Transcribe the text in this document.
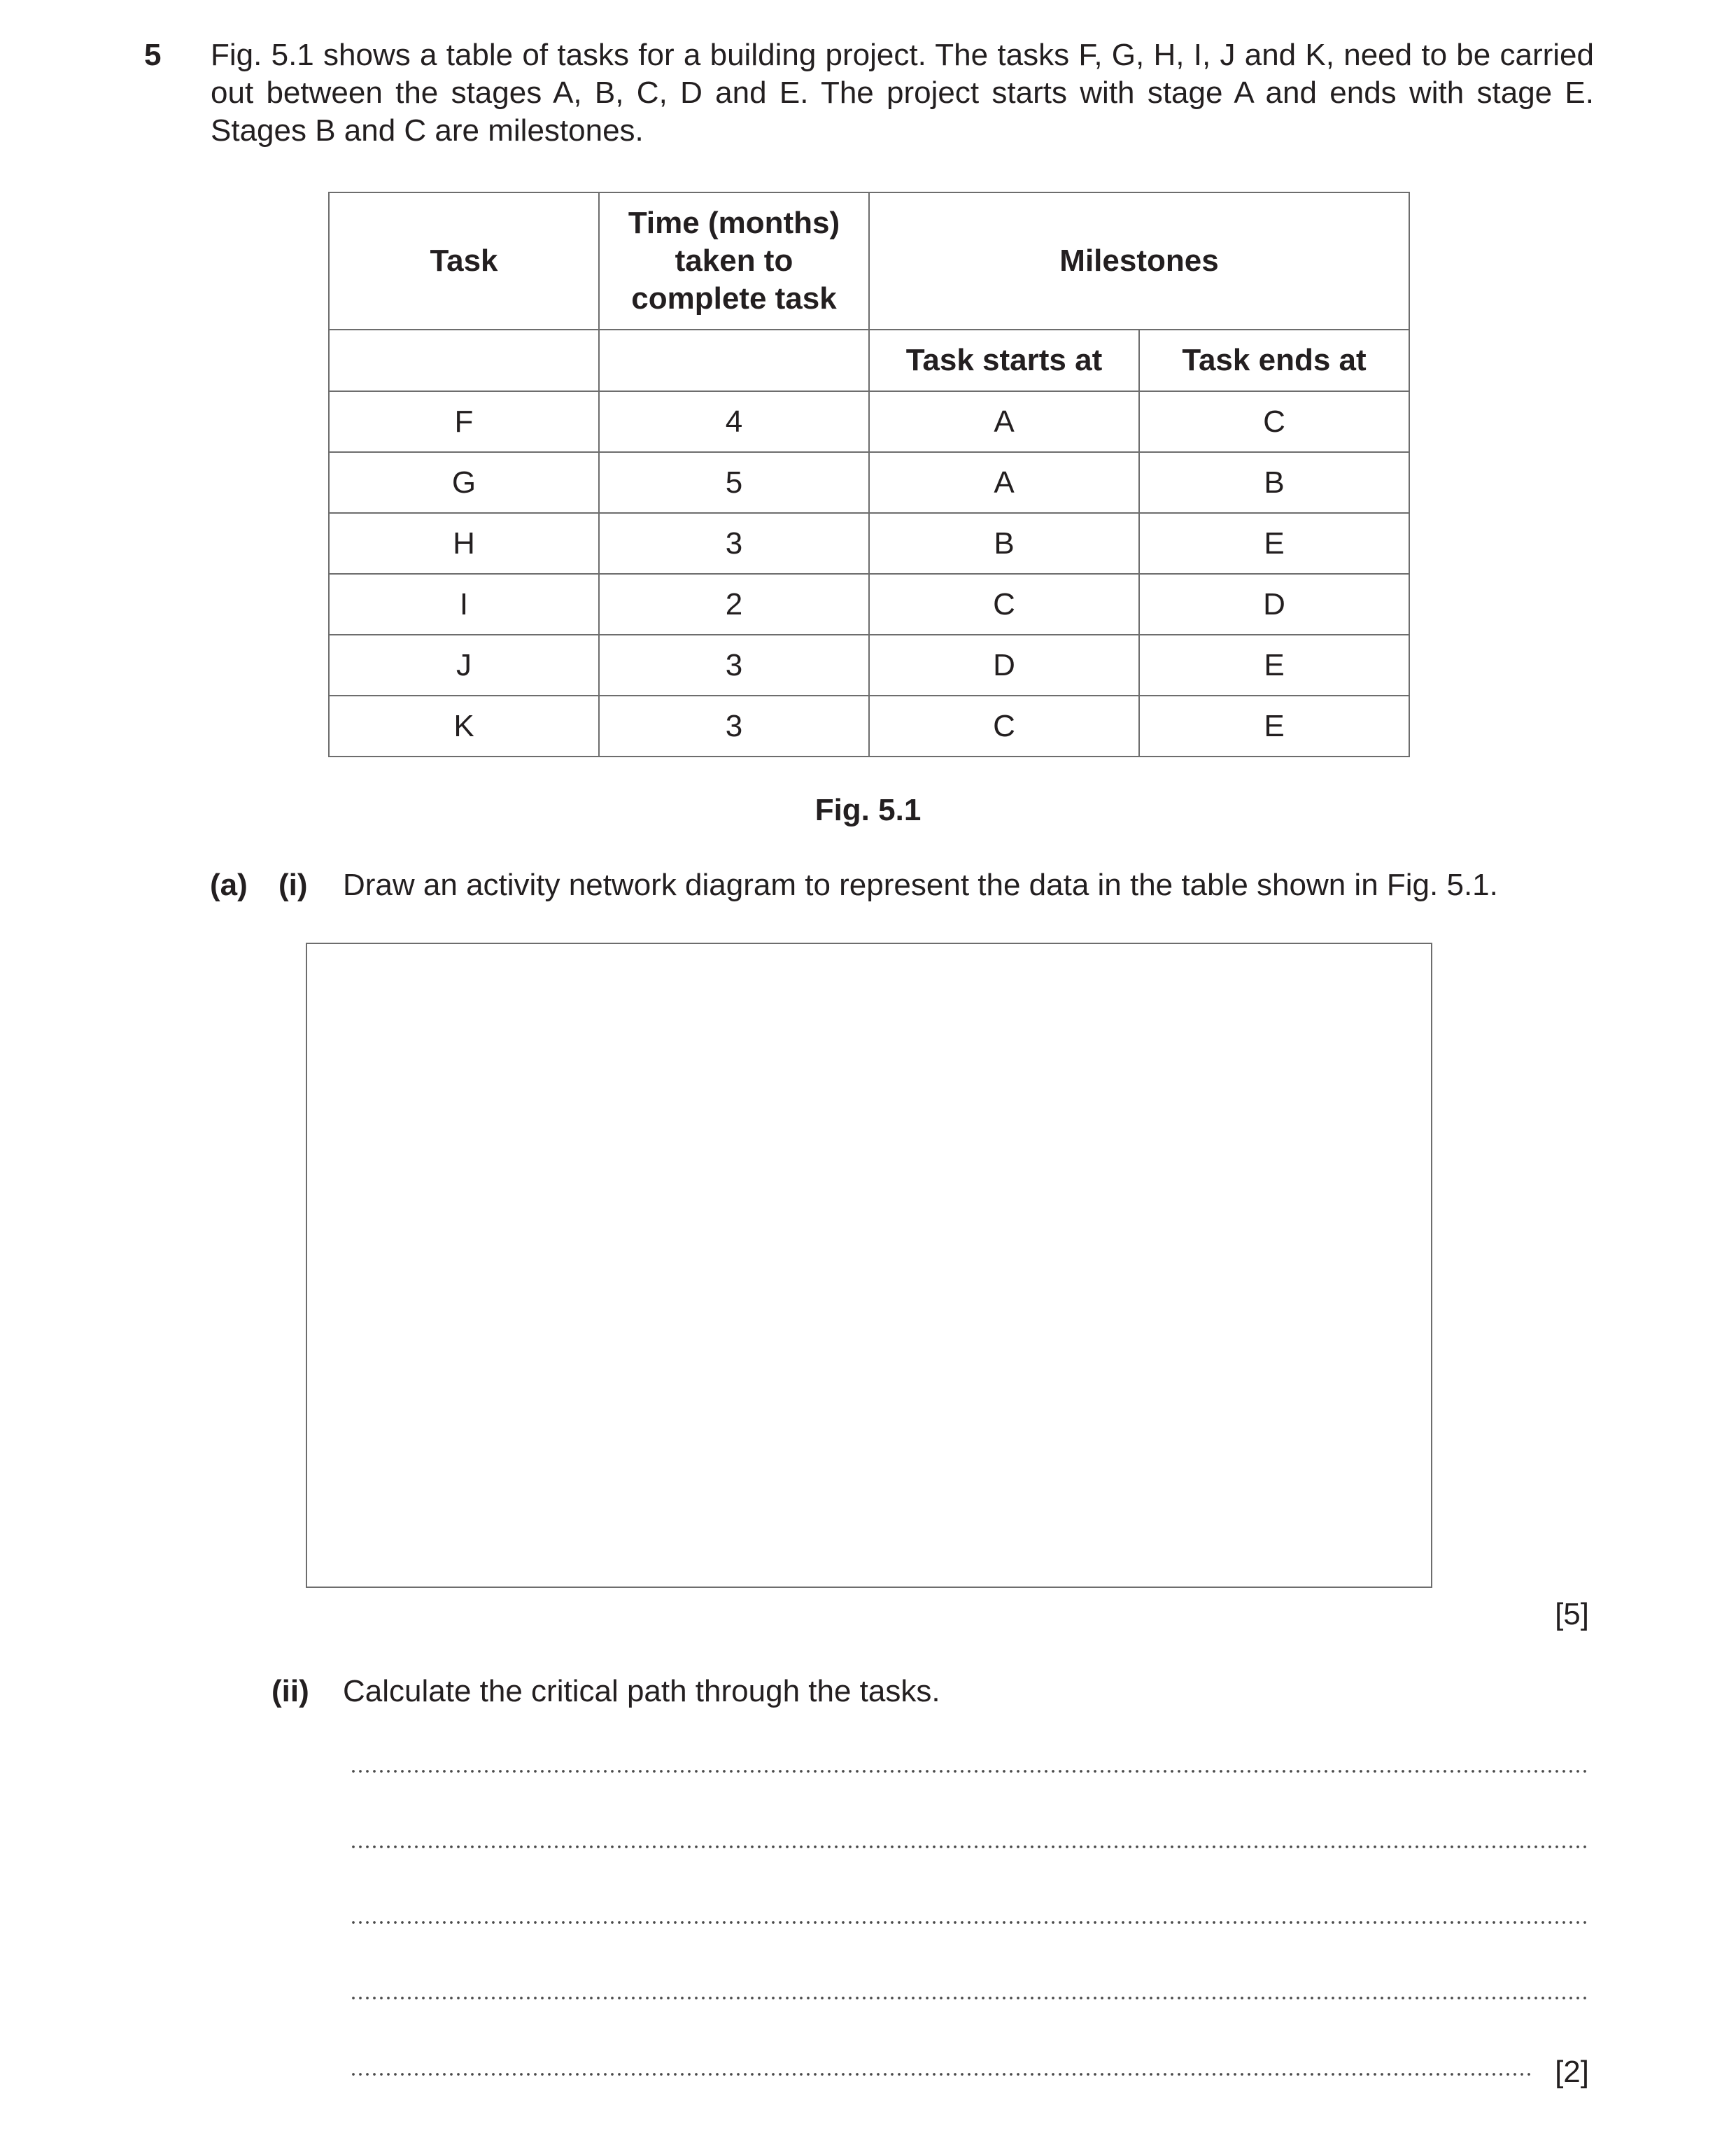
5 Fig. 5.1 shows a table of tasks for a building project. The tasks F, G, H, I, J and K, need to be carried out between the stages A, B, C, D and E. The project starts with stage A and ends with stage E. Stages B and C are milestones.
Task	Time (months) taken to complete task	Milestones	
		Task starts at	Task ends at
F	4	A	C
G	5	A	B
H	3	B	E
I	2	C	D
J	3	D	E
K	3	C	E
Fig. 5.1
(a) (i) Draw an activity network diagram to represent the data in the table shown in Fig. 5.1.
[5]
(ii) Calculate the critical path through the tasks.
[2]
